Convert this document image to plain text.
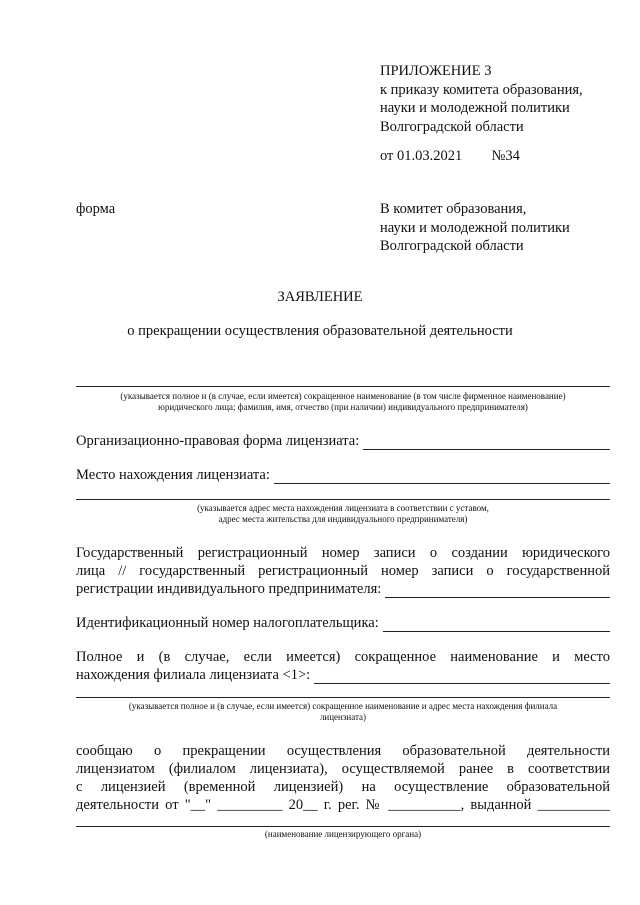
ПРИЛОЖЕНИЕ 3
к приказу комитета образования,
науки и молодежной политики
Волгоградской области
от 01.03.2021 №34
форма	В комитет образования,
науки и молодежной политики
Волгоградской области
ЗАЯВЛЕНИЕ
о прекращении осуществления образовательной деятельности
(указывается полное и (в случае, если имеется) сокращенное наименование (в том числе фирменное наименование)
юридического лица; фамилия, имя, отчество (при наличии) индивидуального предпринимателя)
Организационно-правовая форма лицензиата:
Место нахождения лицензиата:
(указывается адрес места нахождения лицензиата в соответствии с уставом,
адрес места жительства для индивидуального предпринимателя)
Государственный регистрационный номер записи о создании юридического
лица // государственный регистрационный номер записи о государственной
регистрации индивидуального предпринимателя:
Идентификационный номер налогоплательщика:
Полное и (в случае, если имеется) сокращенное наименование и место
нахождения филиала лицензиата <1>:
(указывается полное и (в случае, если имеется) сокращенное наименование и адрес места нахождения филиала
лицензиата)
сообщаю о прекращении осуществления образовательной деятельности
лицензиатом (филиалом лицензиата), осуществляемой ранее в соответствии
с лицензией (временной лицензией) на осуществление образовательной
деятельности от "__" _________ 20__ г. рег. № __________, выданной __________
(наименование лицензирующего органа)
